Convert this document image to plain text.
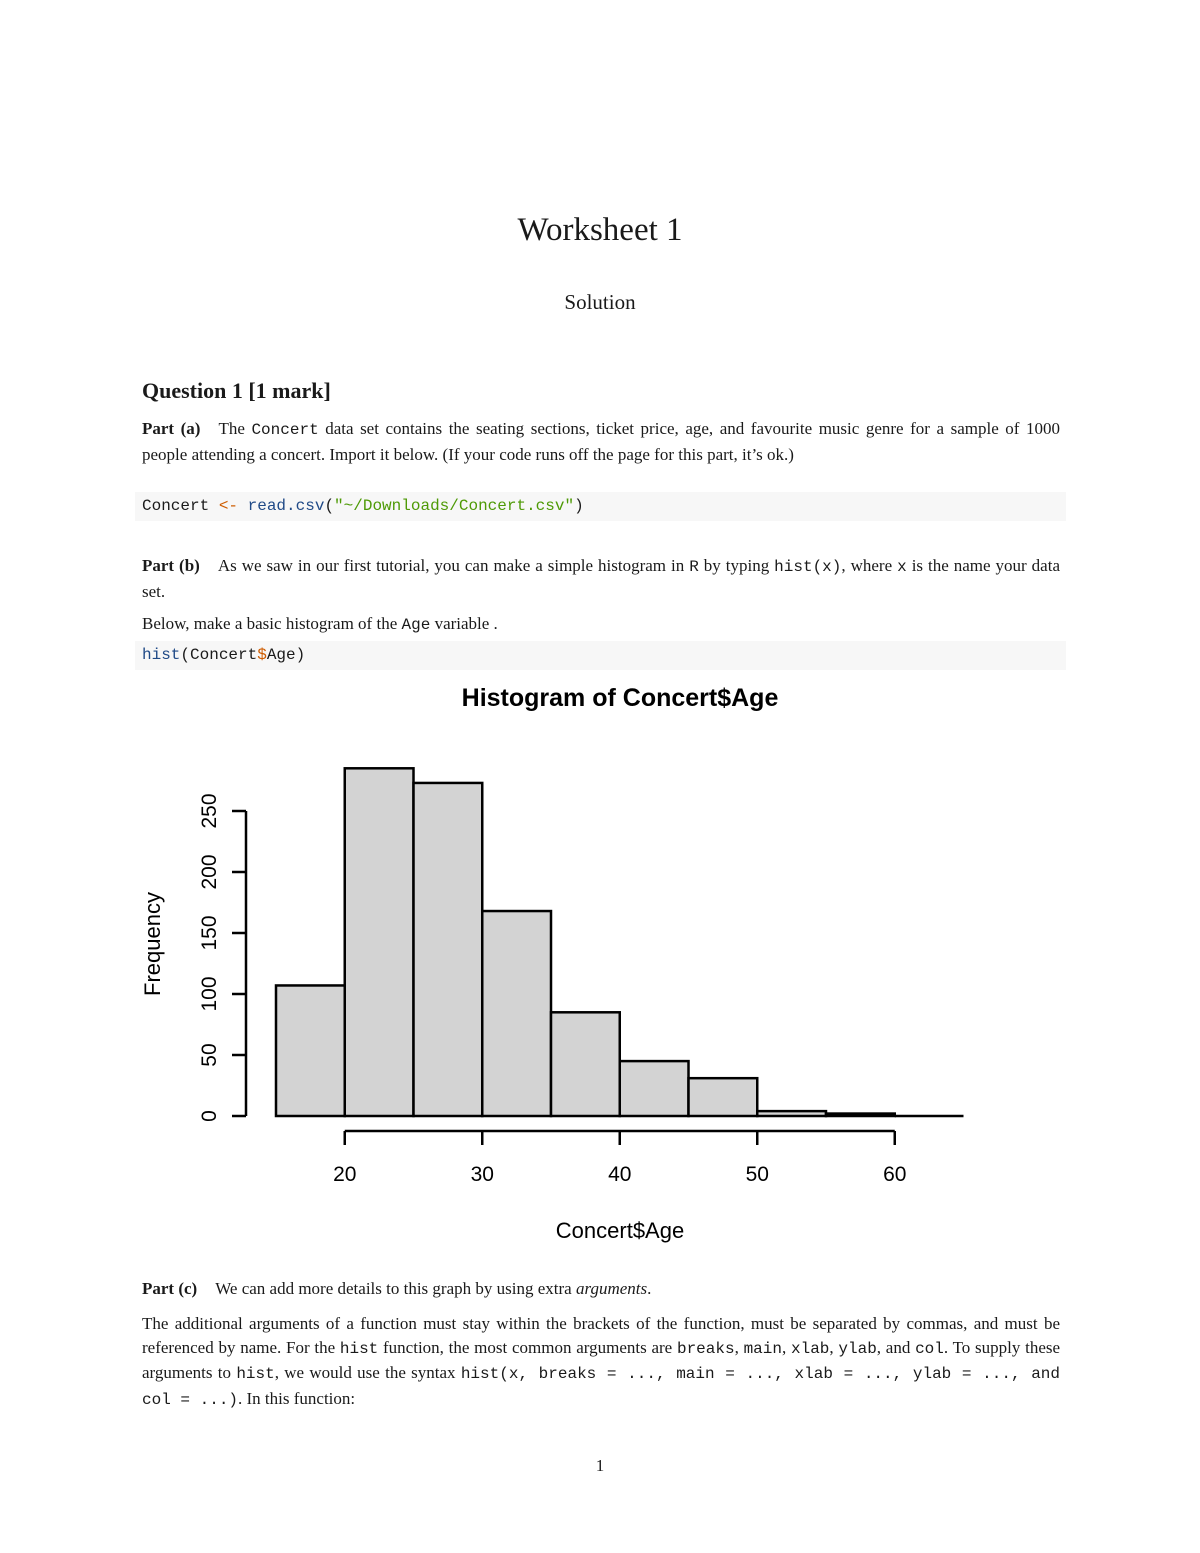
Worksheet 1
Solution
Question 1 [1 mark]
Part (a) The Concert data set contains the seating sections, ticket price, age, and favourite music genre for a sample of 1000 people attending a concert. Import it below. (If your code runs off the page for this part, it’s ok.)
Concert <- read.csv("~/Downloads/Concert.csv")
Part (b) As we saw in our first tutorial, you can make a simple histogram in R by typing hist(x), where x is the name your data set.
Below, make a basic histogram of the Age variable .
hist(Concert$Age)
Histogram of Concert$Age
Frequency
Concert$Age
0
50
100
150
200
250
20	30	40	50	60
Part (c) We can add more details to this graph by using extra arguments.
The additional arguments of a function must stay within the brackets of the function, must be separated by commas, and must be referenced by name. For the hist function, the most common arguments are breaks, main, xlab, ylab, and col. To supply these arguments to hist, we would use the syntax hist(x, breaks = ..., main = ..., xlab = ..., ylab = ..., and col = ...). In this function:
1
